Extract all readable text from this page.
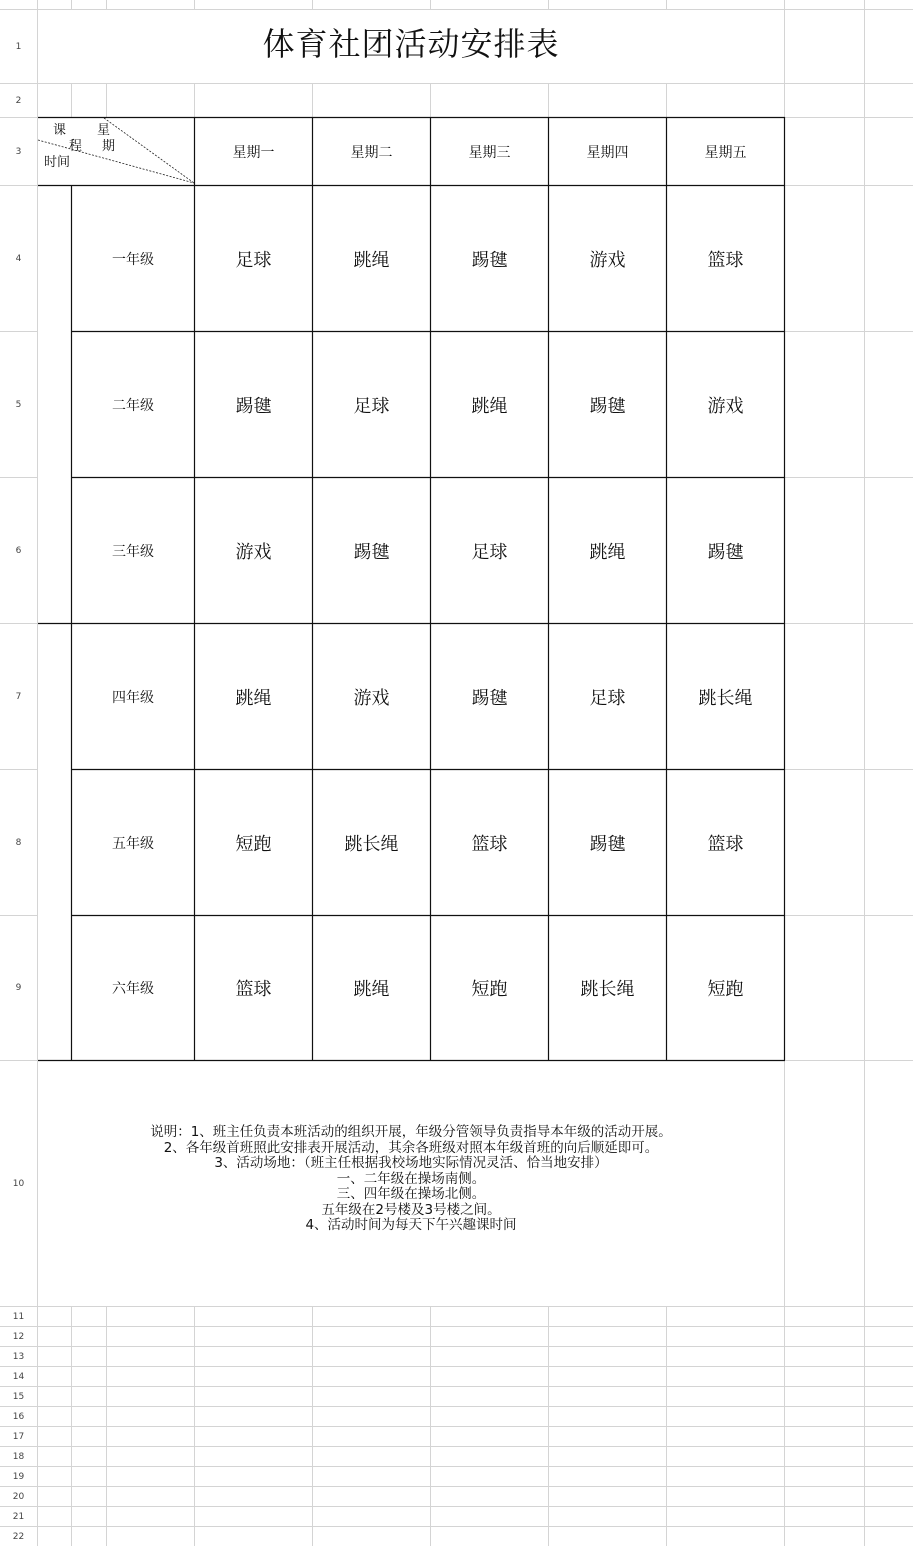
1
2
3
4
5
6
7
8
9
10
11
12
13
14
15
16
17
18
19
20
21
22
体育社团活动安排表
课
程
星
期
时间
星期一	星期二	星期三	星期四	星期五
一年级	足球	跳绳	踢毽	游戏	篮球
二年级	踢毽	足球	跳绳	踢毽	游戏
三年级	游戏	踢毽	足球	跳绳	踢毽
四年级	跳绳	游戏	踢毽	足球	跳长绳
五年级	短跑	跳长绳	篮球	踢毽	篮球
六年级	篮球	跳绳	短跑	跳长绳	短跑
说明：1、班主任负责本班活动的组织开展，年级分管领导负责指导本年级的活动开展。
2、各年级首班照此安排表开展活动，其余各班级对照本年级首班的向后顺延即可。
3、活动场地：（班主任根据我校场地实际情况灵活、恰当地安排）
一、二年级在操场南侧。
三、四年级在操场北侧。
五年级在2号楼及3号楼之间。
4、活动时间为每天下午兴趣课时间
